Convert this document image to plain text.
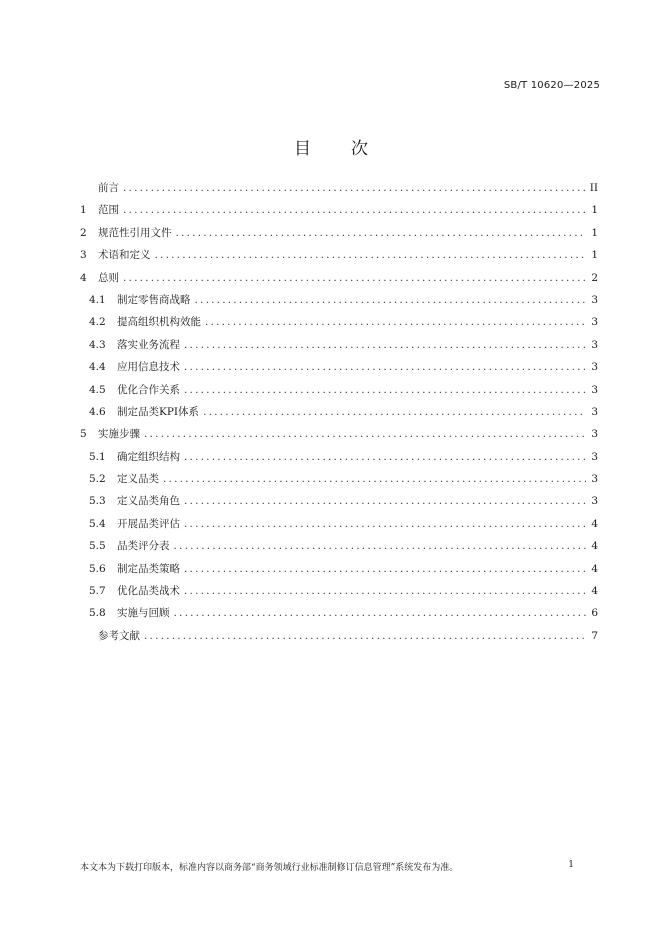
SB/T 10620—2025
目次
前言 .....	II
1	范围 .....	1
2	规范性引用文件 .....	1
3	术语和定义 .....	1
4	总则 .....	2
4.1	制定零售商战略 .....	3
4.2	提高组织机构效能 .....	3
4.3	落实业务流程 .....	3
4.4	应用信息技术 .....	3
4.5	优化合作关系 .....	3
4.6	制定品类KPI体系 .....	3
5	实施步骤 .....	3
5.1	确定组织结构 .....	3
5.2	定义品类 .....	3
5.3	定义品类角色 .....	3
5.4	开展品类评估 .....	4
5.5	品类评分表 .....	4
5.6	制定品类策略 .....	4
5.7	优化品类战术 .....	4
5.8	实施与回顾 .....	6
参考文献 .....	7
本文本为下载打印版本，标准内容以商务部“商务领域行业标准制修订信息管理”系统发布为准。	1
